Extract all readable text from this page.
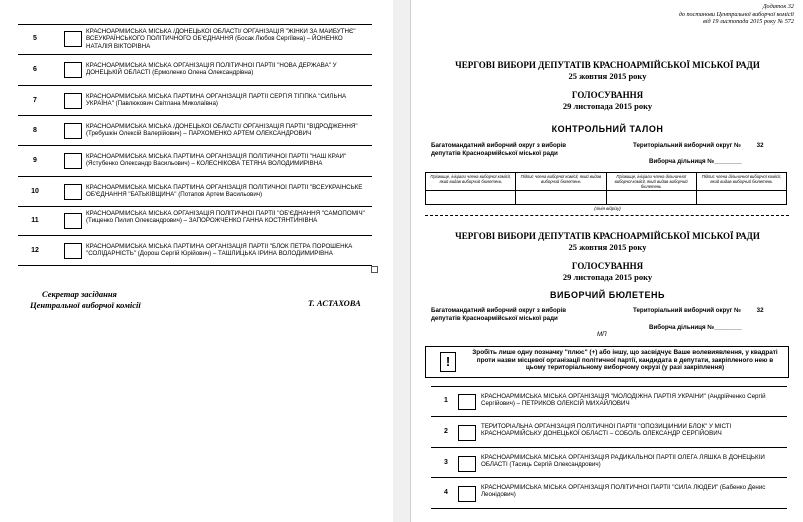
5
КРАСНОАРМІЙСЬКА МІСЬКА /ДОНЕЦЬКОЇ ОБЛАСТІ/ ОРГАНІЗАЦІЯ "ЖІНКИ ЗА МАЙБУТНЄ" ВСЕУКРАЇНСЬКОГО ПОЛІТИЧНОГО ОБ'ЄДНАННЯ (Босак Любов Сергіївна) – ЙОНЕНКО НАТАЛІЯ ВІКТОРІВНА
6
КРАСНОАРМІЙСЬКА МІСЬКА ОРГАНІЗАЦІЯ ПОЛІТИЧНОЇ ПАРТІЇ "НОВА ДЕРЖАВА" У ДОНЕЦЬКІЙ ОБЛАСТІ (Ермоленко Олена Олександрівна)
7
КРАСНОАРМІЙСЬКА МІСЬКА ПАРТІЙНА ОРГАНІЗАЦІЯ ПАРТІЇ СЕРГІЯ ТІГІПКА "СИЛЬНА УКРАЇНА" (Павлюкович Світлана Миколаївна)
8
КРАСНОАРМІЙСЬКА МІСЬКА /ДОНЕЦЬКОЇ ОБЛАСТІ/ ОРГАНІЗАЦІЯ ПАРТІЇ "ВІДРОДЖЕННЯ" (Требушкін Олексій Валерійович) – ПАРХОМЕНКО АРТЕМ ОЛЕКСАНДРОВИЧ
9
КРАСНОАРМІЙСЬКА МІСЬКА ПАРТІЙНА ОРГАНІЗАЦІЯ ПОЛІТИЧНОЇ ПАРТІЇ "НАШ КРАЙ" (Ястубенко Олександр Васильович) – КОЛЕСНІКОВА ТЕТЯНА ВОЛОДИМИРІВНА
10
КРАСНОАРМІЙСЬКА МІСЬКА ПАРТІЙНА ОРГАНІЗАЦІЯ ПОЛІТИЧНОЇ ПАРТІЇ "ВСЕУКРАЇНСЬКЕ ОБ'ЄДНАННЯ "БАТЬКІВЩИНА" (Потапов Артем Васильович)
11
КРАСНОАРМІЙСЬКА МІСЬКА ОРГАНІЗАЦІЯ ПОЛІТИЧНОЇ ПАРТІЇ "ОБ'ЄДНАННЯ "САМОПОМІЧ" (Тищенко Пилип Олександрович) – ЗАПОРОЖЧЕНКО ГАННА КОСТЯНТИНІВНА
12
КРАСНОАРМІЙСЬКА МІСЬКА ПАРТІЙНА ОРГАНІЗАЦІЯ ПАРТІЇ "БЛОК ПЕТРА ПОРОШЕНКА "СОЛІДАРНІСТЬ" (Дорош Сергій Юрійович) – ТАШЛИЦЬКА ІРИНА ВОЛОДИМИРІВНА
Секретар засідання
Центральної виборчої комісії	Т. АСТАХОВА
Додаток 32
до постанови Центральної виборчої комісії
від 19 листопада 2015 року № 572
ЧЕРГОВІ ВИБОРИ ДЕПУТАТІВ КРАСНОАРМІЙСЬКОЇ МІСЬКОЇ РАДИ
25 жовтня 2015 року
ГОЛОСУВАННЯ
29 листопада 2015 року
КОНТРОЛЬНИЙ ТАЛОН
Багатомандатний виборчий округ з виборів
депутатів Красноармійської міської ради
Територіальний виборчий округ №	32
Виборча дільниця №________
Прізвище, ініціали члена виборчої комісії, який видав виборчий бюлетень	Підпис члена виборчої комісії, який видав виборчий бюлетень	Прізвище, ініціали члена дільничної виборчої комісії, який видав виборчий бюлетень	Підпис члена дільничної виборчої комісії, який видав виборчий бюлетень

(лінія відрізу)
ЧЕРГОВІ ВИБОРИ ДЕПУТАТІВ КРАСНОАРМІЙСЬКОЇ МІСЬКОЇ РАДИ
25 жовтня 2015 року
ГОЛОСУВАННЯ
29 листопада 2015 року
ВИБОРЧИЙ БЮЛЕТЕНЬ
Багатомандатний виборчий округ з виборів
депутатів Красноармійської міської ради
Територіальний виборчий округ №	32
Виборча дільниця №________
МП
!
Зробіть лише одну позначку "плюс" (+) або іншу, що засвідчує Ваше волевиявлення, у квадраті проти назви місцевої організації політичної партії, кандидата в депутати, закріпленого нею в цьому територіальному виборчому окрузі (у разі закріплення)
1
КРАСНОАРМІЙСЬКА МІСЬКА ОРГАНІЗАЦІЯ "МОЛОДІЖНА ПАРТІЯ УКРАЇНИ" (Андрійченко Сергій Сергійович) – ПЕТРИКОВ ОЛЕКСІЙ МИХАЙЛОВИЧ
2
ТЕРИТОРІАЛЬНА ОРГАНІЗАЦІЯ ПОЛІТИЧНОЇ ПАРТІЇ "ОПОЗИЦІЙНИЙ БЛОК" У МІСТІ КРАСНОАРМІЙСЬКУ ДОНЕЦЬКОЇ ОБЛАСТІ – СОБОЛЬ ОЛЕКСАНДР СЕРГІЙОВИЧ
3
КРАСНОАРМІЙСЬКА МІСЬКА ОРГАНІЗАЦІЯ РАДИКАЛЬНОЇ ПАРТІЇ ОЛЕГА ЛЯШКА В ДОНЕЦЬКІЙ ОБЛАСТІ (Тасиць Сергій Олександрович)
4
КРАСНОАРМІЙСЬКА МІСЬКА ОРГАНІЗАЦІЯ ПОЛІТИЧНОЇ ПАРТІЇ "СИЛА ЛЮДЕЙ" (Бабенко Денис Леонідович)
